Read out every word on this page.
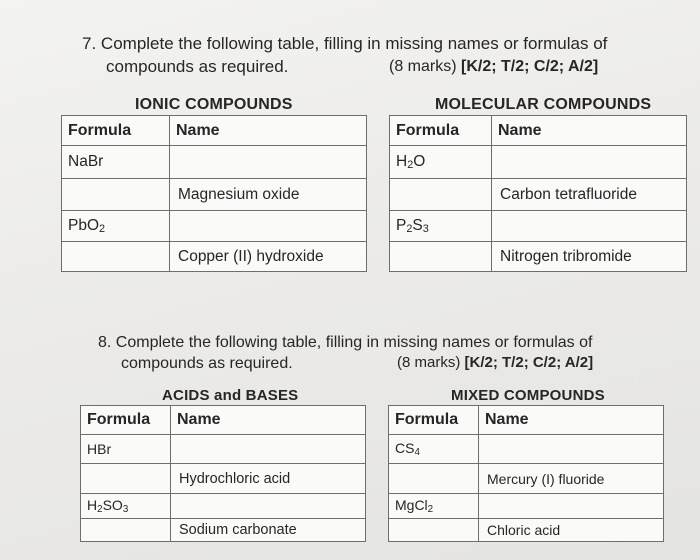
7. Complete the following table, filling in missing names or formulas of
compounds as required.	(8 marks) [K/2; T/2; C/2; A/2]
IONIC COMPOUNDS	MOLECULAR COMPOUNDS
Formula	Name
NaBr	
	Magnesium oxide
PbO$_2$	
	Copper (II) hydroxide
Formula	Name
$H_2O$	
	Carbon tetrafluoride
$P_2S_3$	
	Nitrogen tribromide
8. Complete the following table, filling in missing names or formulas of
compounds as required.	(8 marks) [K/2; T/2; C/2; A/2]
ACIDS and BASES	MIXED COMPOUNDS
Formula	Name
HBr	
	Hydrochloric acid
$H_2SO_3$	
	Sodium carbonate
Formula	Name
$CS_4$	
	Mercury (I) fluoride
MgCl$_2$	
	Chloric acid
